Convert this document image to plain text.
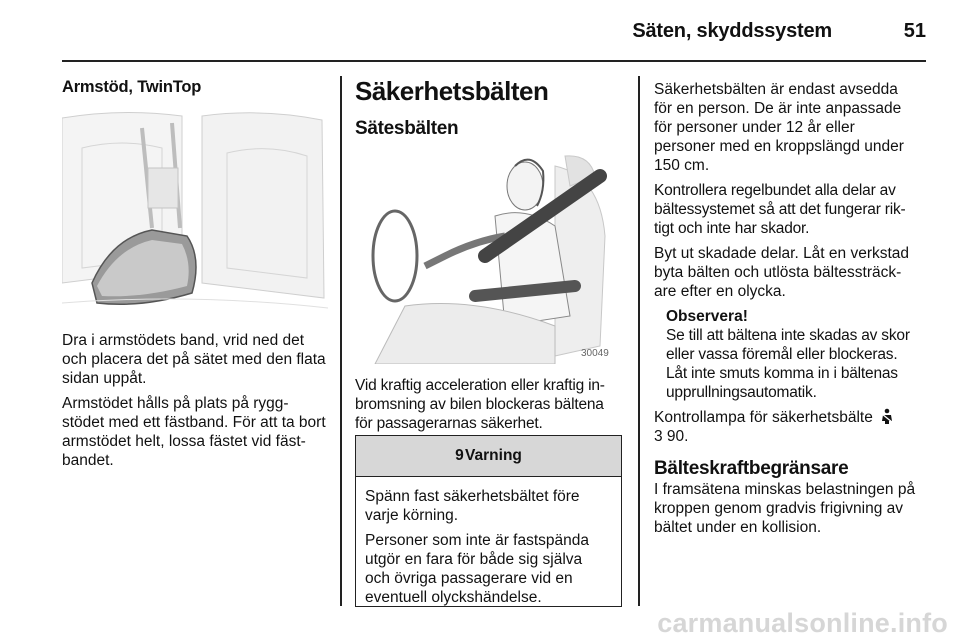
Säten, skyddssystem	51
Armstöd, TwinTop

Dra i armstödets band, vrid ned det och placera det på sätet med den flata sidan uppåt.

Armstödet hålls på plats på rygg-stödet med ett fästband. För att ta bort armstödet helt, lossa fästet vid fäst-bandet.

Säkerhetsbälten
Sätesbälten
30049

Vid kraftig acceleration eller kraftig in-bromsning av bilen blockeras bältena för passagerarnas säkerhet.

9 Varning

Spänn fast säkerhetsbältet före varje körning.

Personer som inte är fastspända utgör en fara för både sig själva och övriga passagerare vid en eventuell olyckshändelse.

Säkerhetsbälten är endast avsedda för en person. De är inte anpassade för personer under 12 år eller personer med en kroppslängd under 150 cm.

Kontrollera regelbundet alla delar av bältessystemet så att det fungerar rik-tigt och inte har skador.

Byt ut skadade delar. Låt en verkstad byta bälten och utlösta bältessträck-are efter en olycka.

Observera!

Se till att bältena inte skadas av skor eller vassa föremål eller blockeras. Låt inte smuts komma in i bältenas upprullningsautomatik.

Kontrollampa för säkerhetsbälte

3 90.

Bälteskraftbegränsare

I framsätena minskas belastningen på kroppen genom gradvis frigivning av bältet under en kollision.

carmanualsonline.info
